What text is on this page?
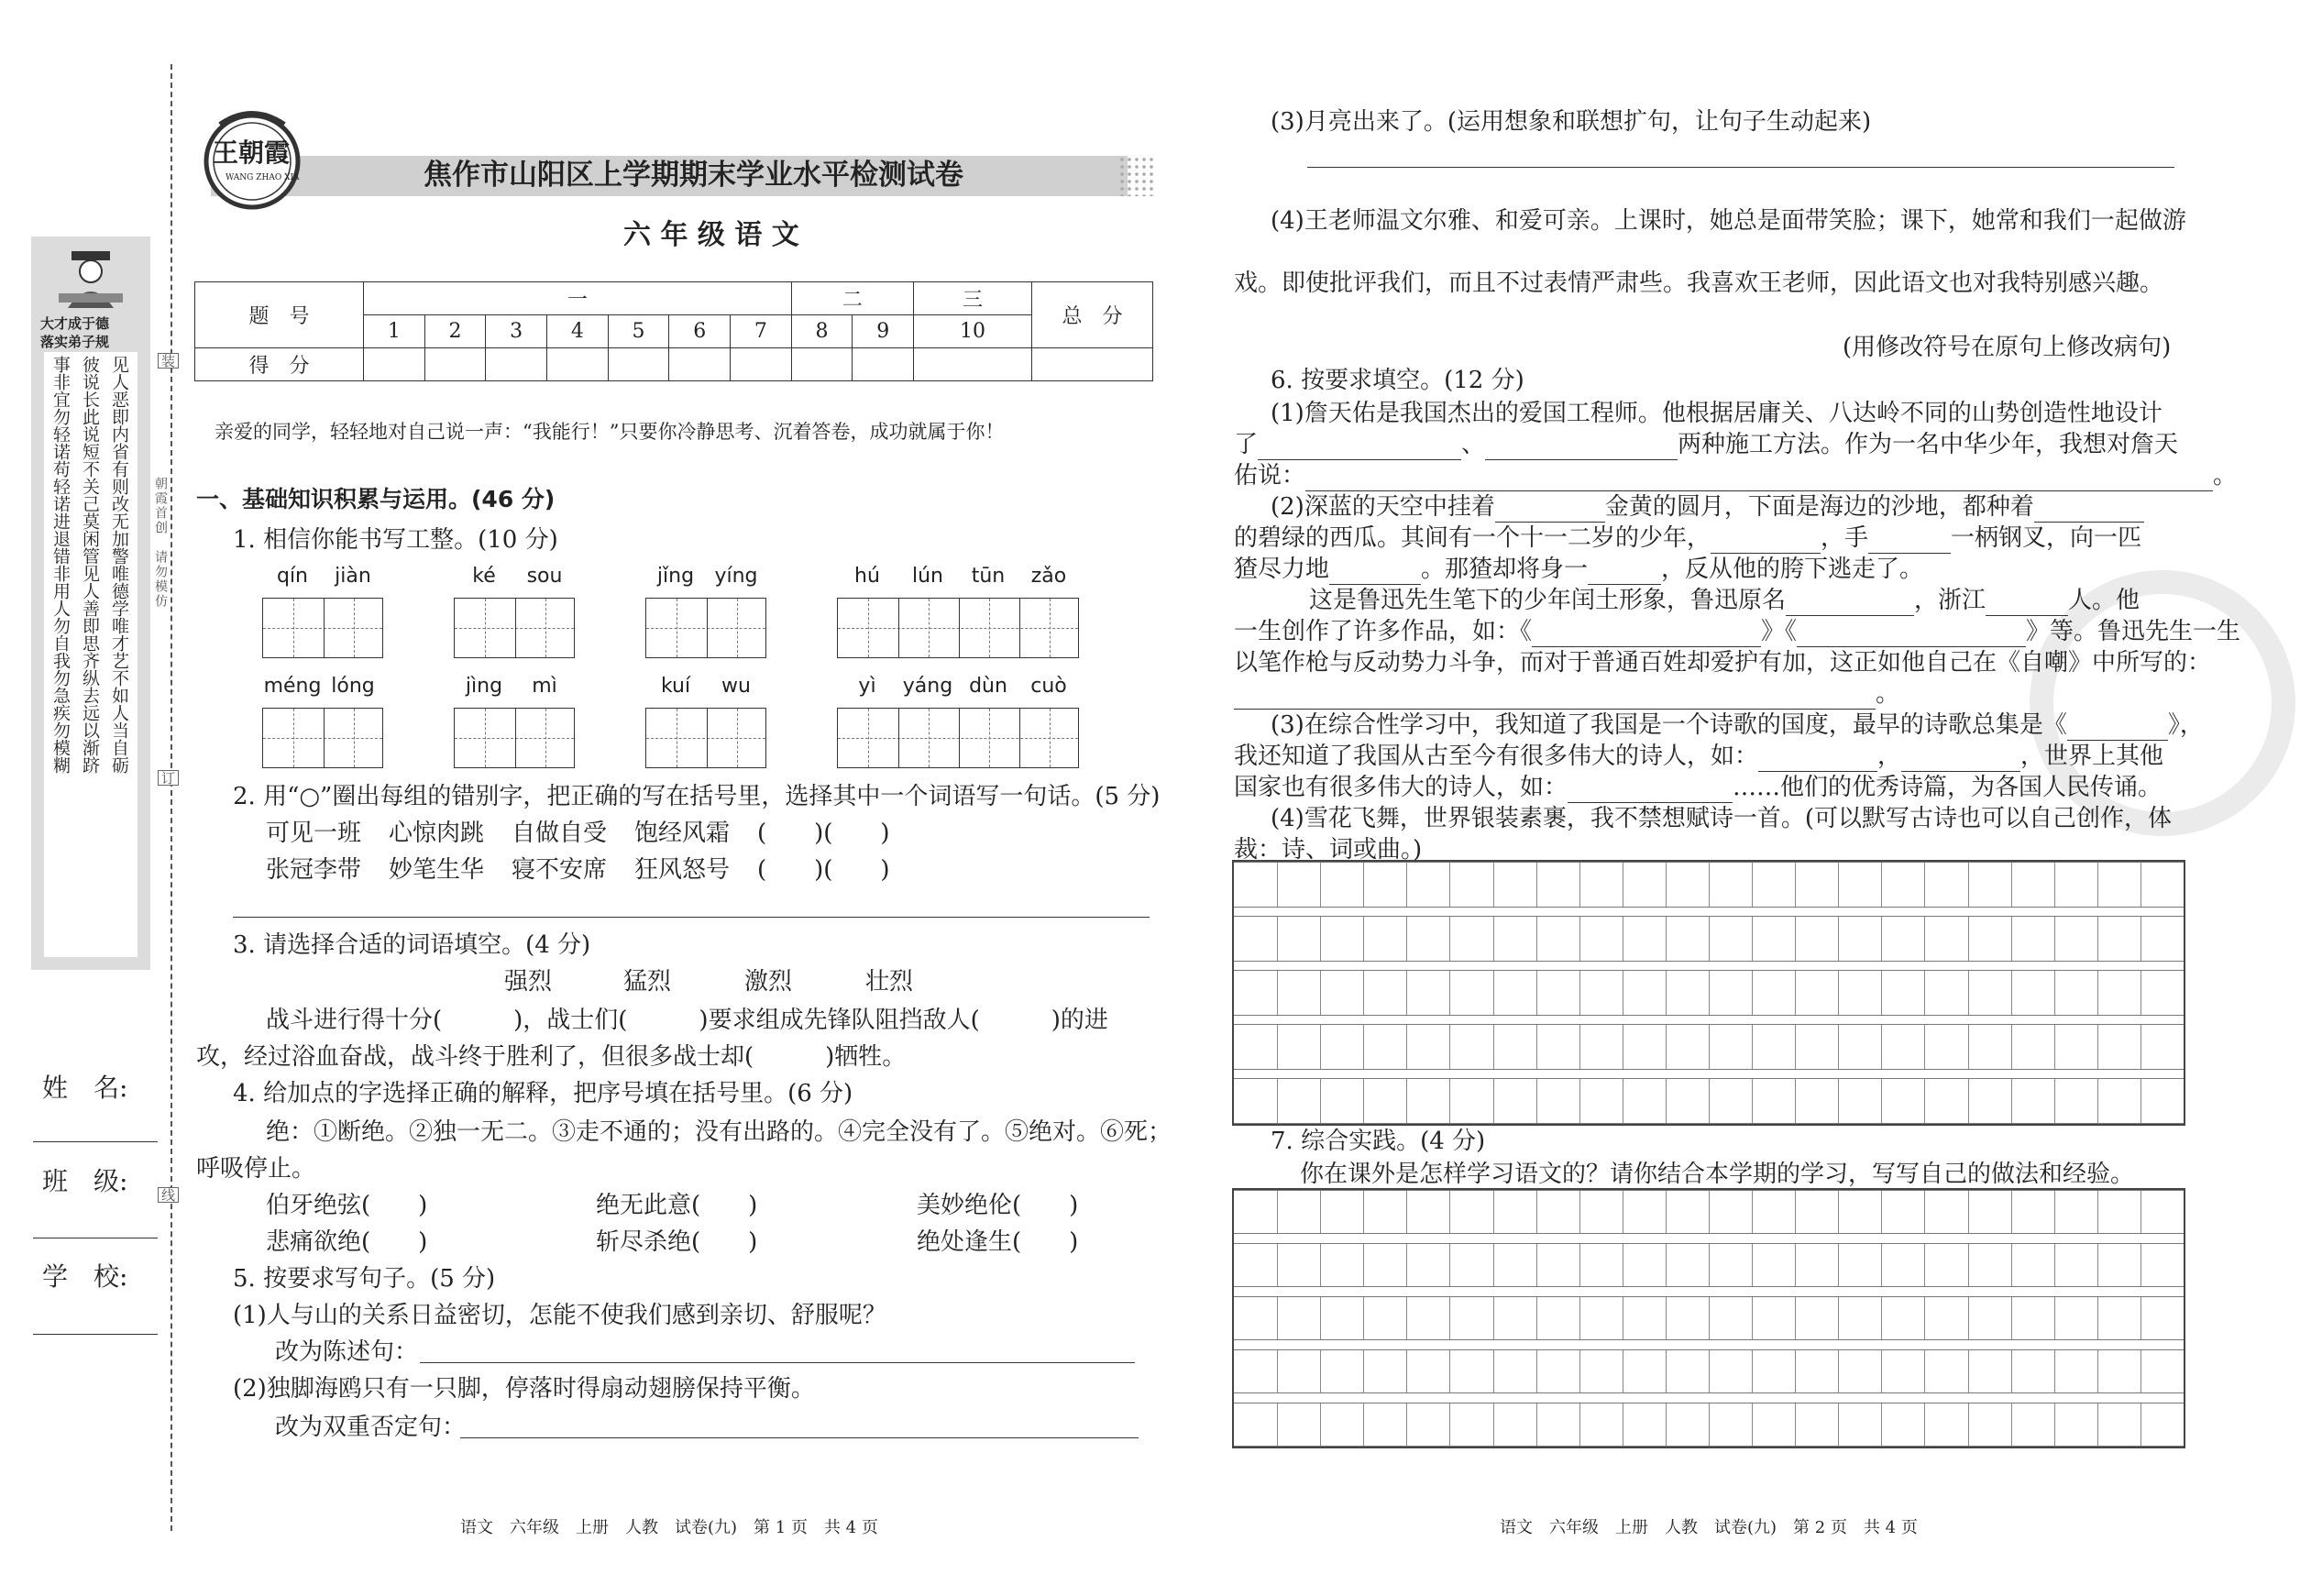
装
订
线
朝霞首创　请勿模仿
大才成于德
落实弟子规
见人恶即内省有则改无加警唯德学唯才艺不如人当自砺
彼说长此说短不关己莫闲管见人善即思齐纵去远以渐跻
事非宜勿轻诺苟轻诺进退错非用人勿自我勿急疾勿模糊
姓　名:
班　级:
学　校:
王朝霞
WANG ZHAO XIA	焦作市山阳区上学期期末学业水平检测试卷
六 年 级 语 文
题　号	一							二		三	总　分
	1	2	3	4	5	6	7	8	9	10	
得　分											
亲爱的同学，轻轻地对自己说一声：“我能行！”只要你冷静思考、沉着答卷，成功就属于你！
一、基础知识积累与运用。(46 分)
1. 相信你能书写工整。(10 分)
qín	jiàn	ké	sou	jǐng	yíng	hú	lún	tūn	zǎo
méng lóng	jìng	mì	kuí	wu	yì	yáng dùn	cuò
2. 用“○”圈出每组的错别字，把正确的写在括号里，选择其中一个词语写一句话。(5 分)
可见一班 心惊肉跳 自做自受 饱经风霜 (　　)(　　)
张冠李带 妙笔生华 寝不安席 狂风怒号 (　　)(　　)
3. 请选择合适的词语填空。(4 分)
强烈	猛烈	激烈	壮烈
战斗进行得十分(　　　)，战士们(　　　)要求组成先锋队阻挡敌人(　　　)的进
攻，经过浴血奋战，战斗终于胜利了，但很多战士却(　　　)牺牲。
4. 给加点的字选择正确的解释，把序号填在括号里。(6 分)
绝：①断绝。②独一无二。③走不通的；没有出路的。④完全没有了。⑤绝对。⑥死；
呼吸停止。
伯牙绝弦(　　)	绝无此意(　　)	美妙绝伦(　　)
悲痛欲绝(　　)	斩尽杀绝(　　)	绝处逢生(　　)
5. 按要求写句子。(5 分)
(1)人与山的关系日益密切，怎能不使我们感到亲切、舒服呢？
改为陈述句：
(2)独脚海鸥只有一只脚，停落时得扇动翅膀保持平衡。
改为双重否定句：
语文　六年级　上册　人教　试卷(九)　第 1 页　共 4 页
(3)月亮出来了。(运用想象和联想扩句，让句子生动起来)
(4)王老师温文尔雅、和爱可亲。上课时，她总是面带笑脸；课下，她常和我们一起做游
戏。即使批评我们，而且不过表情严肃些。我喜欢王老师，因此语文也对我特别感兴趣。
(用修改符号在原句上修改病句)
6. 按要求填空。(12 分)
(1)詹天佑是我国杰出的爱国工程师。他根据居庸关、八达岭不同的山势创造性地设计
了	、	两种施工方法。作为一名中华少年，我想对詹天
佑说：	。
(2)深蓝的天空中挂着	金黄的圆月，下面是海边的沙地，都种着
的碧绿的西瓜。其间有一个十一二岁的少年，	，手	一柄钢叉，向一匹
猹尽力地	。那猹却将身一	，反从他的胯下逃走了。
这是鲁迅先生笔下的少年闰土形象，鲁迅原名	，浙江	人。他
一生创作了许多作品，如：《	》《	》等。鲁迅先生一生
以笔作枪与反动势力斗争，而对于普通百姓却爱护有加，这正如他自己在《自嘲》中所写的：
。
(3)在综合性学习中，我知道了我国是一个诗歌的国度，最早的诗歌总集是《	》，
我还知道了我国从古至今有很多伟大的诗人，如：	，	，世界上其他
国家也有很多伟大的诗人，如：	……他们的优秀诗篇，为各国人民传诵。
(4)雪花飞舞，世界银装素裹，我不禁想赋诗一首。(可以默写古诗也可以自己创作，体
裁：诗、词或曲。)
7. 综合实践。(4 分)
你在课外是怎样学习语文的？请你结合本学期的学习，写写自己的做法和经验。
语文　六年级　上册　人教　试卷(九)　第 2 页　共 4 页
